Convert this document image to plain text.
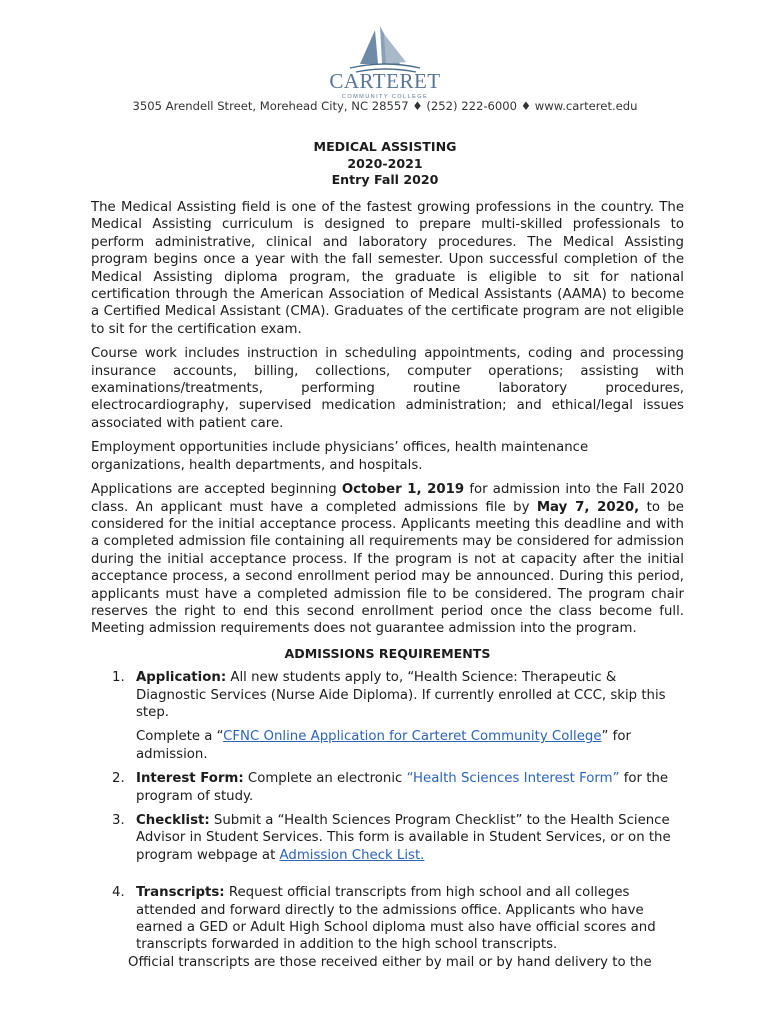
CARTERET
COMMUNITY COLLEGE
3505 Arendell Street, Morehead City, NC 28557 ♦ (252) 222-6000 ♦ www.carteret.edu
MEDICAL ASSISTING
2020-2021
Entry Fall 2020

The Medical Assisting field is one of the fastest growing professions in the country. The Medical Assisting curriculum is designed to prepare multi-skilled professionals to perform administrative, clinical and laboratory procedures. The Medical Assisting program begins once a year with the fall semester. Upon successful completion of the Medical Assisting diploma program, the graduate is eligible to sit for national certification through the American Association of Medical Assistants (AAMA) to become a Certified Medical Assistant (CMA). Graduates of the certificate program are not eligible to sit for the certification exam.

Course work includes instruction in scheduling appointments, coding and processing insurance accounts, billing, collections, computer operations; assisting with examinations/treatments, performing routine laboratory procedures, electrocardiography, supervised medication administration; and ethical/legal issues associated with patient care.

Employment opportunities include physicians’ offices, health maintenance organizations, health departments, and hospitals.

Applications are accepted beginning October 1, 2019 for admission into the Fall 2020 class. An applicant must have a completed admissions file by May 7, 2020, to be considered for the initial acceptance process. Applicants meeting this deadline and with a completed admission file containing all requirements may be considered for admission during the initial acceptance process. If the program is not at capacity after the initial acceptance process, a second enrollment period may be announced. During this period, applicants must have a completed admission file to be considered. The program chair reserves the right to end this second enrollment period once the class become full. Meeting admission requirements does not guarantee admission into the program.

ADMISSIONS REQUIREMENTS
1. Application: All new students apply to, “Health Science: Therapeutic & Diagnostic Services (Nurse Aide Diploma). If currently enrolled at CCC, skip this step.
Complete a “CFNC Online Application for Carteret Community College” for admission.
2. Interest Form: Complete an electronic “Health Sciences Interest Form” for the program of study.
3. Checklist: Submit a “Health Sciences Program Checklist” to the Health Science Advisor in Student Services. This form is available in Student Services, or on the program webpage at Admission Check List.
4. Transcripts: Request official transcripts from high school and all colleges attended and forward directly to the admissions office. Applicants who have earned a GED or Adult High School diploma must also have official scores and transcripts forwarded in addition to the high school transcripts.
Official transcripts are those received either by mail or by hand delivery to the
